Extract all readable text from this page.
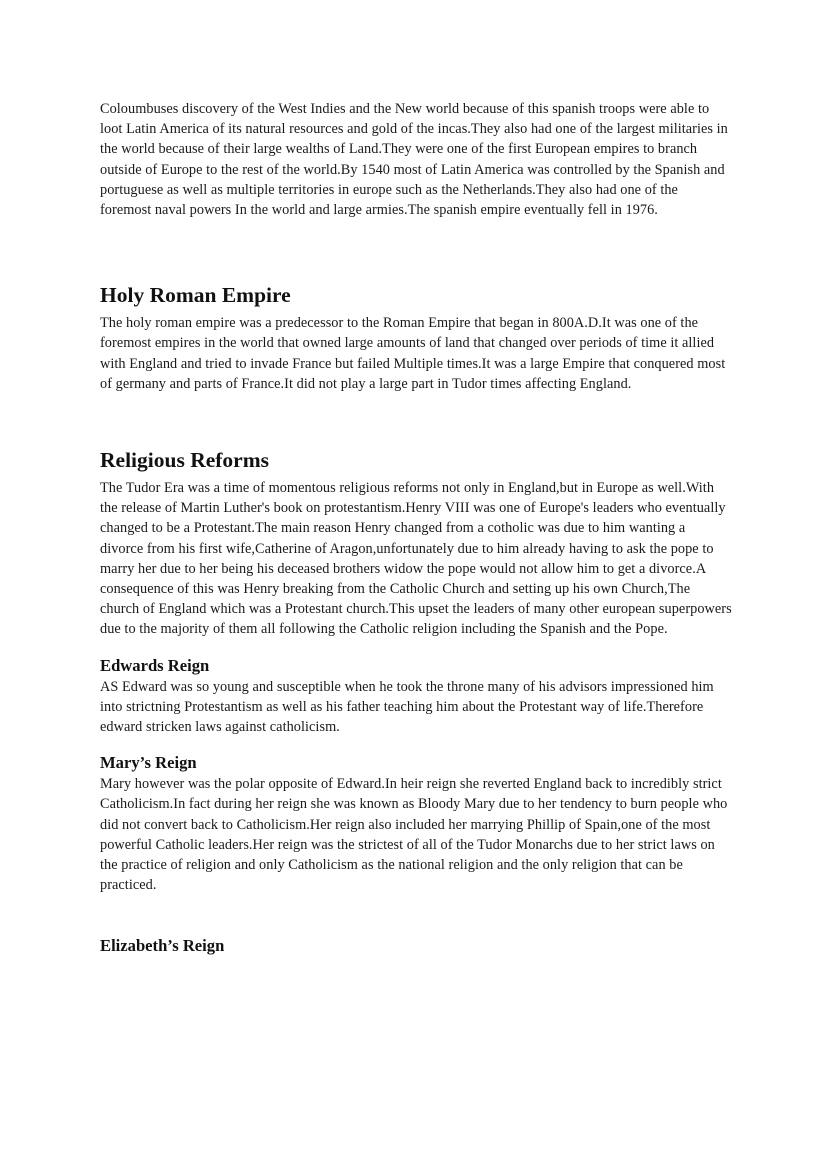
Coloumbuses discovery of the West Indies and the New world because of this spanish troops were able to loot Latin America of its natural resources and gold of the incas.They also had one of the largest militaries in the world because of their large wealths of Land.They were one of the first European empires to branch outside of Europe to the rest of the world.By 1540 most of Latin America was controlled by the Spanish and portuguese as well as multiple territories in europe such as the Netherlands.They also had one of the foremost naval powers In the world and large armies.The spanish empire eventually fell in 1976.

Holy Roman Empire

The holy roman empire was a predecessor to the Roman Empire that began in 800A.D.It was one of the foremost empires in the world that owned large amounts of land that changed over periods of time it allied with England and tried to invade France but failed Multiple times.It was a large Empire that conquered most of germany and parts of France.It did not play a large part in Tudor times affecting England.

Religious Reforms

The Tudor Era was a time of momentous religious reforms not only in England,but in Europe as well.With the release of Martin Luther's book on protestantism.Henry VIII was one of Europe's leaders who eventually changed to be a Protestant.The main reason Henry changed from a cotholic was due to him wanting a divorce from his first wife,Catherine of Aragon,unfortunately due to him already having to ask the pope to marry her due to her being his deceased brothers widow the pope would not allow him to get a divorce.A consequence of this was Henry breaking from the Catholic Church and setting up his own Church,The church of England which was a Protestant church.This upset the leaders of many other european superpowers due to the majority of them all following the Catholic religion including the Spanish and the Pope.

Edwards Reign

AS Edward was so young and susceptible when he took the throne many of his advisors impressioned him into strictning Protestantism as well as his father teaching him about the Protestant way of life.Therefore edward stricken laws against catholicism.

Mary’s Reign

Mary however was the polar opposite of Edward.In heir reign she reverted England back to incredibly strict Catholicism.In fact during her reign she was known as Bloody Mary due to her tendency to burn people who did not convert back to Catholicism.Her reign also included her marrying Phillip of Spain,one of the most powerful Catholic leaders.Her reign was the strictest of all of the Tudor Monarchs due to her strict laws on the practice of religion and only Catholicism as the national religion and the only religion that can be practiced.

Elizabeth’s Reign
